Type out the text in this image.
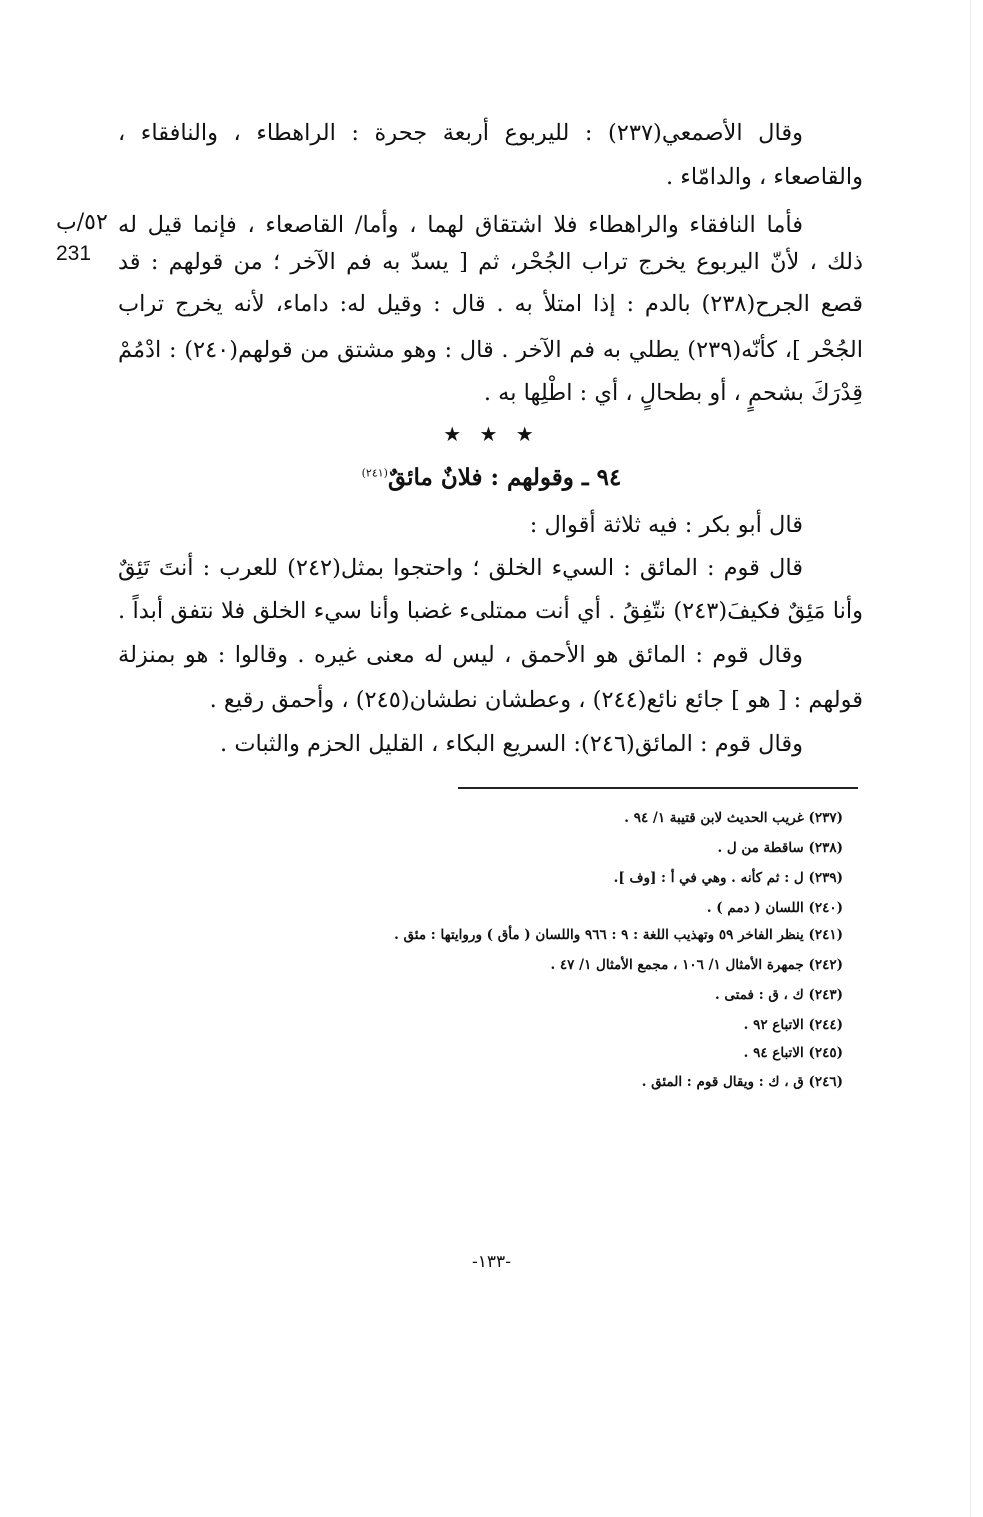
٥٢/ب
231
وقال الأصمعي(٢٣٧) : لليربوع أربعة جحرة : الراهطاء ، والنافقاء ،
والقاصعاء ، والدامّاء .
فأما النافقاء والراهطاء فلا اشتقاق لهما ، وأما/ القاصعاء ، فإنما قيل له
ذلك ، لأنّ اليربوع يخرج تراب الجُحْر، ثم [ يسدّ به فم الآخر ؛ من قولهم : قد
قصع الجرح(٢٣٨) بالدم : إذا امتلأ به . قال : وقيل له: داماء، لأنه يخرج تراب
الجُحْر ]، كأنّه(٢٣٩) يطلي به فم الآخر . قال : وهو مشتق من قولهم(٢٤٠) : ادْمُمْ
قِدْرَكَ بشحمٍ ، أو بطحالٍ ، أي : اطْلِها به .
★ ★ ★
٩٤ ـ وقولهم : فلانٌ مائقٌ$^{(٢٤١)}$
قال أبو بكر : فيه ثلاثة أقوال :
قال قوم : المائق : السيء الخلق ؛ واحتجوا بمثل(٢٤٢) للعرب : أنتَ تَئِقٌ
وأنا مَئِقٌ فكيفَ(٢٤٣) نتّفِقُ . أي أنت ممتلىء غضبا وأنا سيء الخلق فلا نتفق أبداً .
وقال قوم : المائق هو الأحمق ، ليس له معنى غيره . وقالوا : هو بمنزلة
قولهم : [ هو ] جائع نائع(٢٤٤) ، وعطشان نطشان(٢٤٥) ، وأحمق رقيع .
وقال قوم : المائق(٢٤٦): السريع البكاء ، القليل الحزم والثبات .
(٢٣٧) غريب الحديث لابن قتيبة ١/ ٩٤ .
(٢٣٨) ساقطة من ل .
(٢٣٩) ل : ثم كأنه . وهي في أ : [وف ].
(٢٤٠) اللسان ( دمم ) .
(٢٤١) ينظر الفاخر ٥٩ وتهذيب اللغة : ٩ : ٩٦٦ واللسان ( مأق ) وروايتها : مئق .
(٢٤٢) جمهرة الأمثال ١/ ١٠٦ ، مجمع الأمثال ١/ ٤٧ .
(٢٤٣) ك ، ق : فمتى .
(٢٤٤) الاتباع ٩٢ .
(٢٤٥) الاتباع ٩٤ .
(٢٤٦) ق ، ك : ويقال قوم : المئق .
-١٣٣-
